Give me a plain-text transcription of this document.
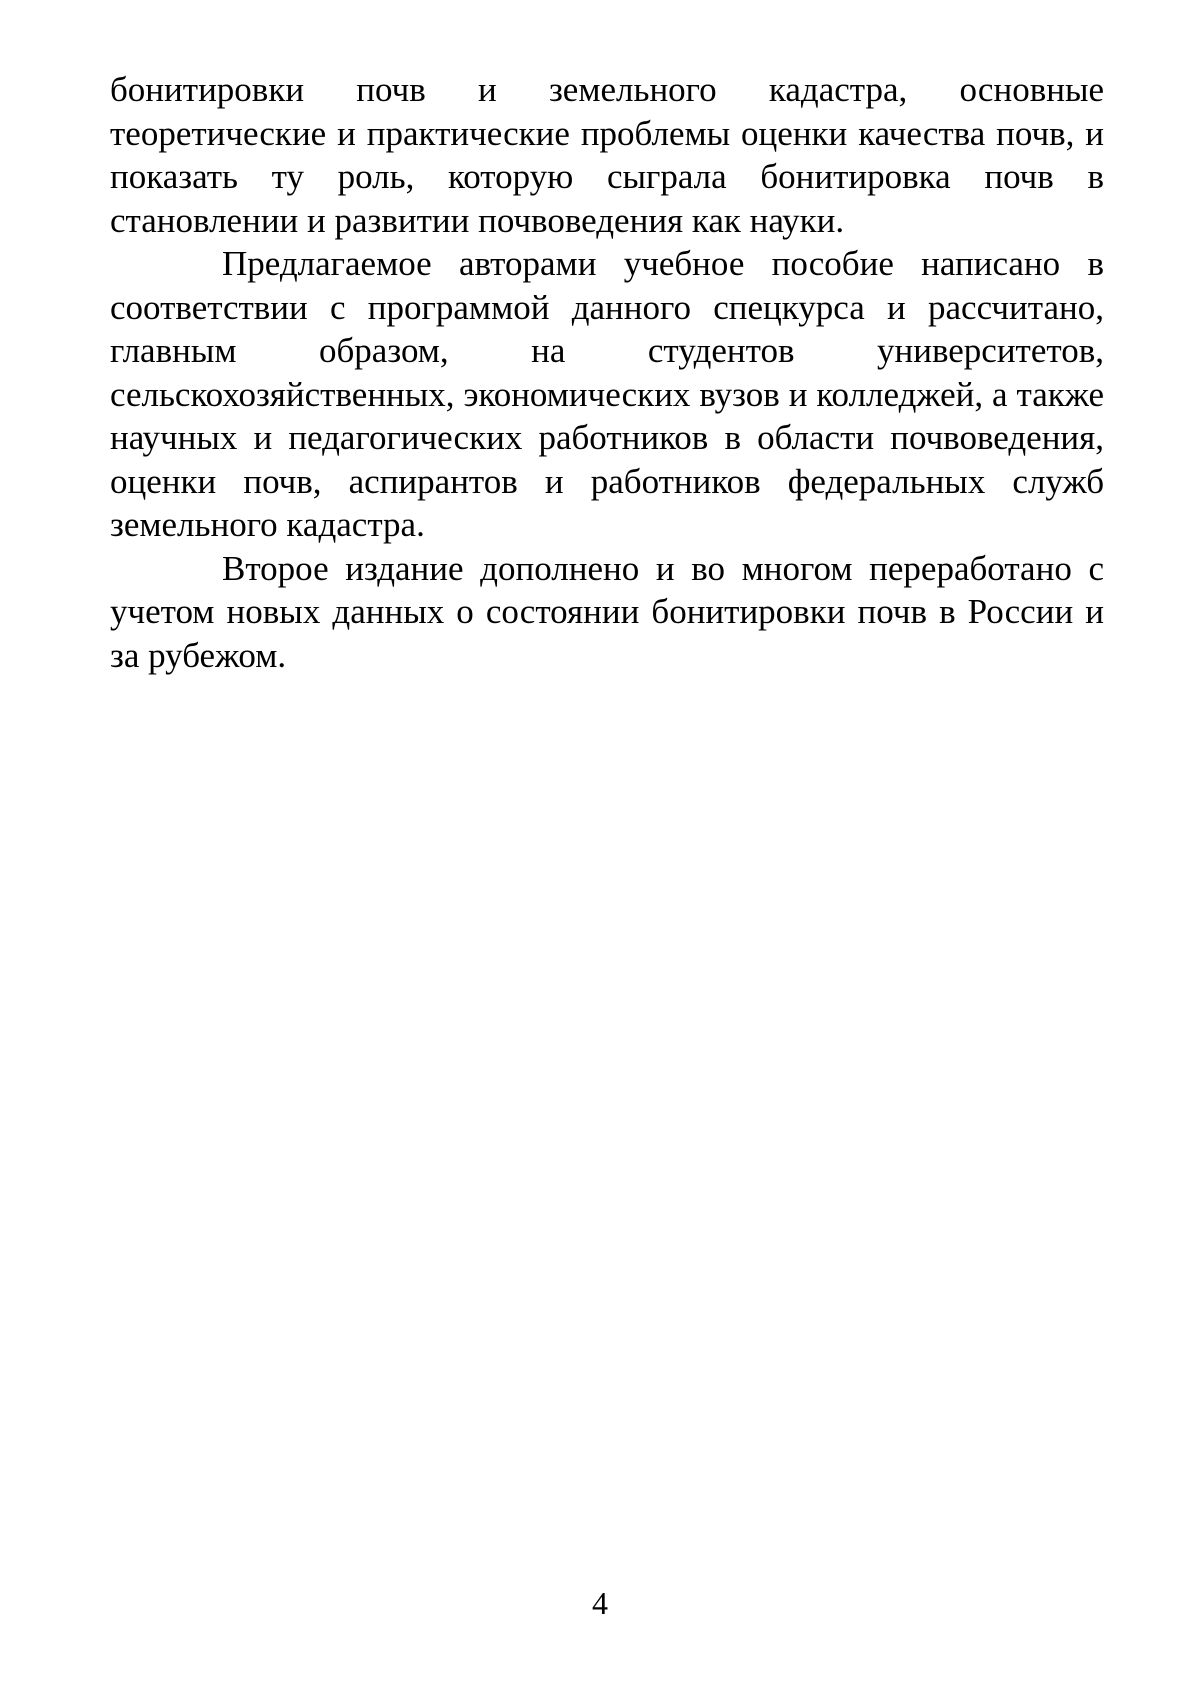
бонитировки почв и земельного кадастра, основные теоретические и практические проблемы оценки качества почв, и показать ту роль, которую сыграла бонитировка почв в становлении и развитии почвоведения как науки.

Предлагаемое авторами учебное пособие написано в соответствии с программой данного спецкурса и рассчитано, главным образом, на студентов университетов, сельскохозяйственных, экономических вузов и колледжей, а также научных и педагогических работников в области почвоведения, оценки почв, аспирантов и работников федеральных служб земельного кадастра.

Второе издание дополнено и во многом переработано с учетом новых данных о состоянии бонитировки почв в России и за рубежом.

4
